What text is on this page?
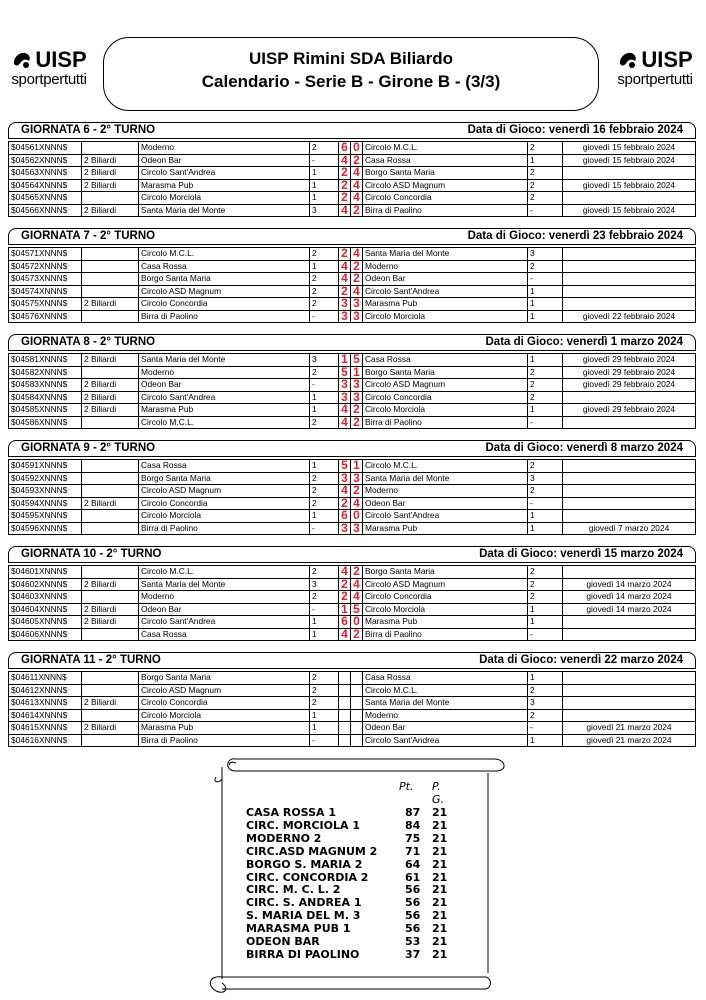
UISP
sportpertutti
UISP Rimini SDA Biliardo
Calendario - Serie B - Girone B - (3/3)
UISP
sportpertutti
GIORNATA 6 - 2° TURNO	Data di Gioco: venerdì 16 febbraio 2024
$04561XNNN$		Moderno	2	6	0	Circolo M.C.L.	2	giovedì 15 febbraio 2024
$04562XNNN$	2 Biliardi	Odeon Bar	-	4	2	Casa Rossa	1	giovedì 15 febbraio 2024
$04563XNNN$	2 Biliardi	Circolo Sant'Andrea	1	2	4	Borgo Santa Maria	2	
$04564XNNN$	2 Biliardi	Marasma Pub	1	2	4	Circolo ASD Magnum	2	giovedì 15 febbraio 2024
$04565XNNN$		Circolo Morciola	1	2	4	Circolo Concordia	2	
$04566XNNN$	2 Biliardi	Santa Maria del Monte	3	4	2	Birra di Paolino	-	giovedì 15 febbraio 2024
GIORNATA 7 - 2° TURNO	Data di Gioco: venerdì 23 febbraio 2024
$04571XNNN$		Circolo M.C.L.	2	2	4	Santa Maria del Monte	3	
$04572XNNN$		Casa Rossa	1	4	2	Moderno	2	
$04573XNNN$		Borgo Santa Maria	2	4	2	Odeon Bar	-	
$04574XNNN$		Circolo ASD Magnum	2	2	4	Circolo Sant'Andrea	1	
$04575XNNN$	2 Biliardi	Circolo Concordia	2	3	3	Marasma Pub	1	
$04576XNNN$		Birra di Paolino	-	3	3	Circolo Morciola	1	giovedì 22 febbraio 2024
GIORNATA 8 - 2° TURNO	Data di Gioco: venerdì 1 marzo 2024
$04581XNNN$	2 Biliardi	Santa Maria del Monte	3	1	5	Casa Rossa	1	giovedì 29 febbraio 2024
$04582XNNN$		Moderno	2	5	1	Borgo Santa Maria	2	giovedì 29 febbraio 2024
$04583XNNN$	2 Biliardi	Odeon Bar	-	3	3	Circolo ASD Magnum	2	giovedì 29 febbraio 2024
$04584XNNN$	2 Biliardi	Circolo Sant'Andrea	1	3	3	Circolo Concordia	2	
$04585XNNN$	2 Biliardi	Marasma Pub	1	4	2	Circolo Morciola	1	giovedì 29 febbraio 2024
$04586XNNN$		Circolo M.C.L.	2	4	2	Birra di Paolino	-	
GIORNATA 9 - 2° TURNO	Data di Gioco: venerdì 8 marzo 2024
$04591XNNN$		Casa Rossa	1	5	1	Circolo M.C.L.	2	
$04592XNNN$		Borgo Santa Maria	2	3	3	Santa Maria del Monte	3	
$04593XNNN$		Circolo ASD Magnum	2	4	2	Moderno	2	
$04594XNNN$	2 Biliardi	Circolo Concordia	2	2	4	Odeon Bar	-	
$04595XNNN$		Circolo Morciola	1	6	0	Circolo Sant'Andrea	1	
$04596XNNN$		Birra di Paolino	-	3	3	Marasma Pub	1	giovedì 7 marzo 2024
GIORNATA 10 - 2° TURNO	Data di Gioco: venerdì 15 marzo 2024
$04601XNNN$		Circolo M.C.L.	2	4	2	Borgo Santa Maria	2	
$04602XNNN$	2 Biliardi	Santa Maria del Monte	3	2	4	Circolo ASD Magnum	2	giovedì 14 marzo 2024
$04603XNNN$		Moderno	2	2	4	Circolo Concordia	2	giovedì 14 marzo 2024
$04604XNNN$	2 Biliardi	Odeon Bar	-	1	5	Circolo Morciola	1	giovedì 14 marzo 2024
$04605XNNN$	2 Biliardi	Circolo Sant'Andrea	1	6	0	Marasma Pub	1	
$04606XNNN$		Casa Rossa	1	4	2	Birra di Paolino	-	
GIORNATA 11 - 2° TURNO	Data di Gioco: venerdì 22 marzo 2024
$04611XNNN$		Borgo Santa Maria	2			Casa Rossa	1	
$04612XNNN$		Circolo ASD Magnum	2			Circolo M.C.L.	2	
$04613XNNN$	2 Biliardi	Circolo Concordia	2			Santa Maria del Monte	3	
$04614XNNN$		Circolo Morciola	1			Moderno	2	
$04615XNNN$	2 Biliardi	Marasma Pub	1			Odeon Bar	-	giovedì 21 marzo 2024
$04616XNNN$		Birra di Paolino	-			Circolo Sant'Andrea	1	giovedì 21 marzo 2024
Pt. P. G.
CASA ROSSA 1	87 21
CIRC. MORCIOLA 1	84 21
MODERNO 2	75 21
CIRC.ASD MAGNUM 2	71 21
BORGO S. MARIA 2	64 21
CIRC. CONCORDIA 2	61 21
CIRC. M. C. L. 2	56 21
CIRC. S. ANDREA 1	56 21
S. MARIA DEL M. 3	56 21
MARASMA PUB 1	56 21
ODEON BAR	53 21
BIRRA DI PAOLINO	37 21
